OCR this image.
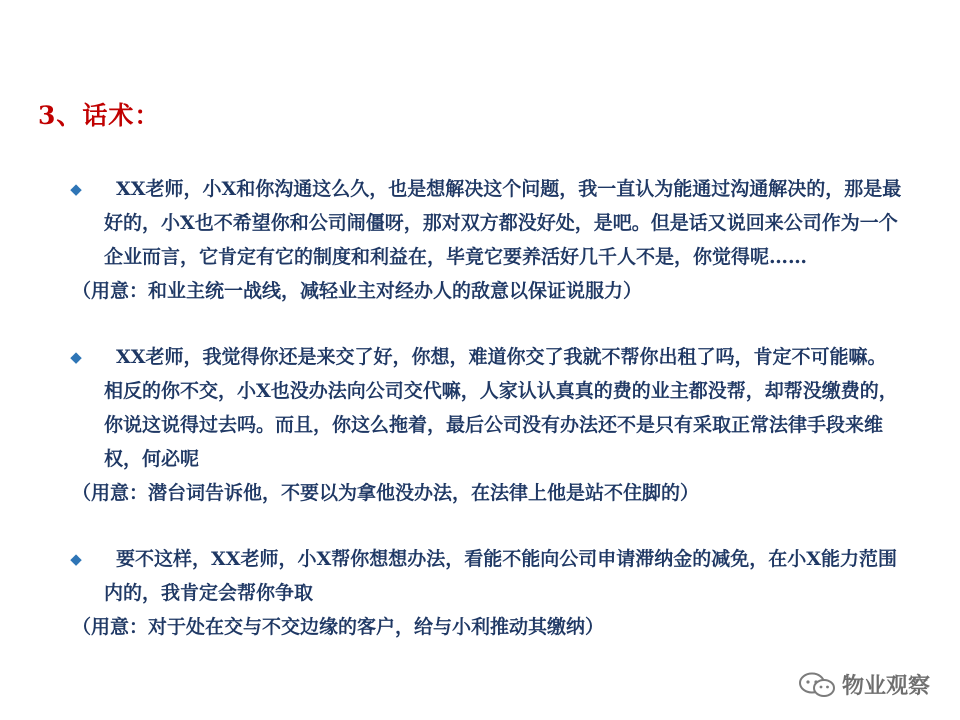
3、话术：
◆	XX老师，小X和你沟通这么久，也是想解决这个问题，我一直认为能通过沟通解决的，那是最好的，小X也不希望你和公司闹僵呀，那对双方都没好处，是吧。但是话又说回来公司作为一个企业而言，它肯定有它的制度和利益在，毕竟它要养活好几千人不是，你觉得呢……
（用意：和业主统一战线，减轻业主对经办人的敌意以保证说服力）
◆	XX老师，我觉得你还是来交了好，你想，难道你交了我就不帮你出租了吗，肯定不可能嘛。相反的你不交，小X也没办法向公司交代嘛，人家认认真真的费的业主都没帮，却帮没缴费的，你说这说得过去吗。而且，你这么拖着，最后公司没有办法还不是只有采取正常法律手段来维权，何必呢
（用意：潜台词告诉他，不要以为拿他没办法，在法律上他是站不住脚的）
◆	要不这样，XX老师，小X帮你想想办法，看能不能向公司申请滞纳金的减免，在小X能力范围内的，我肯定会帮你争取
（用意：对于处在交与不交边缘的客户，给与小利推动其缴纳）
物业观察
